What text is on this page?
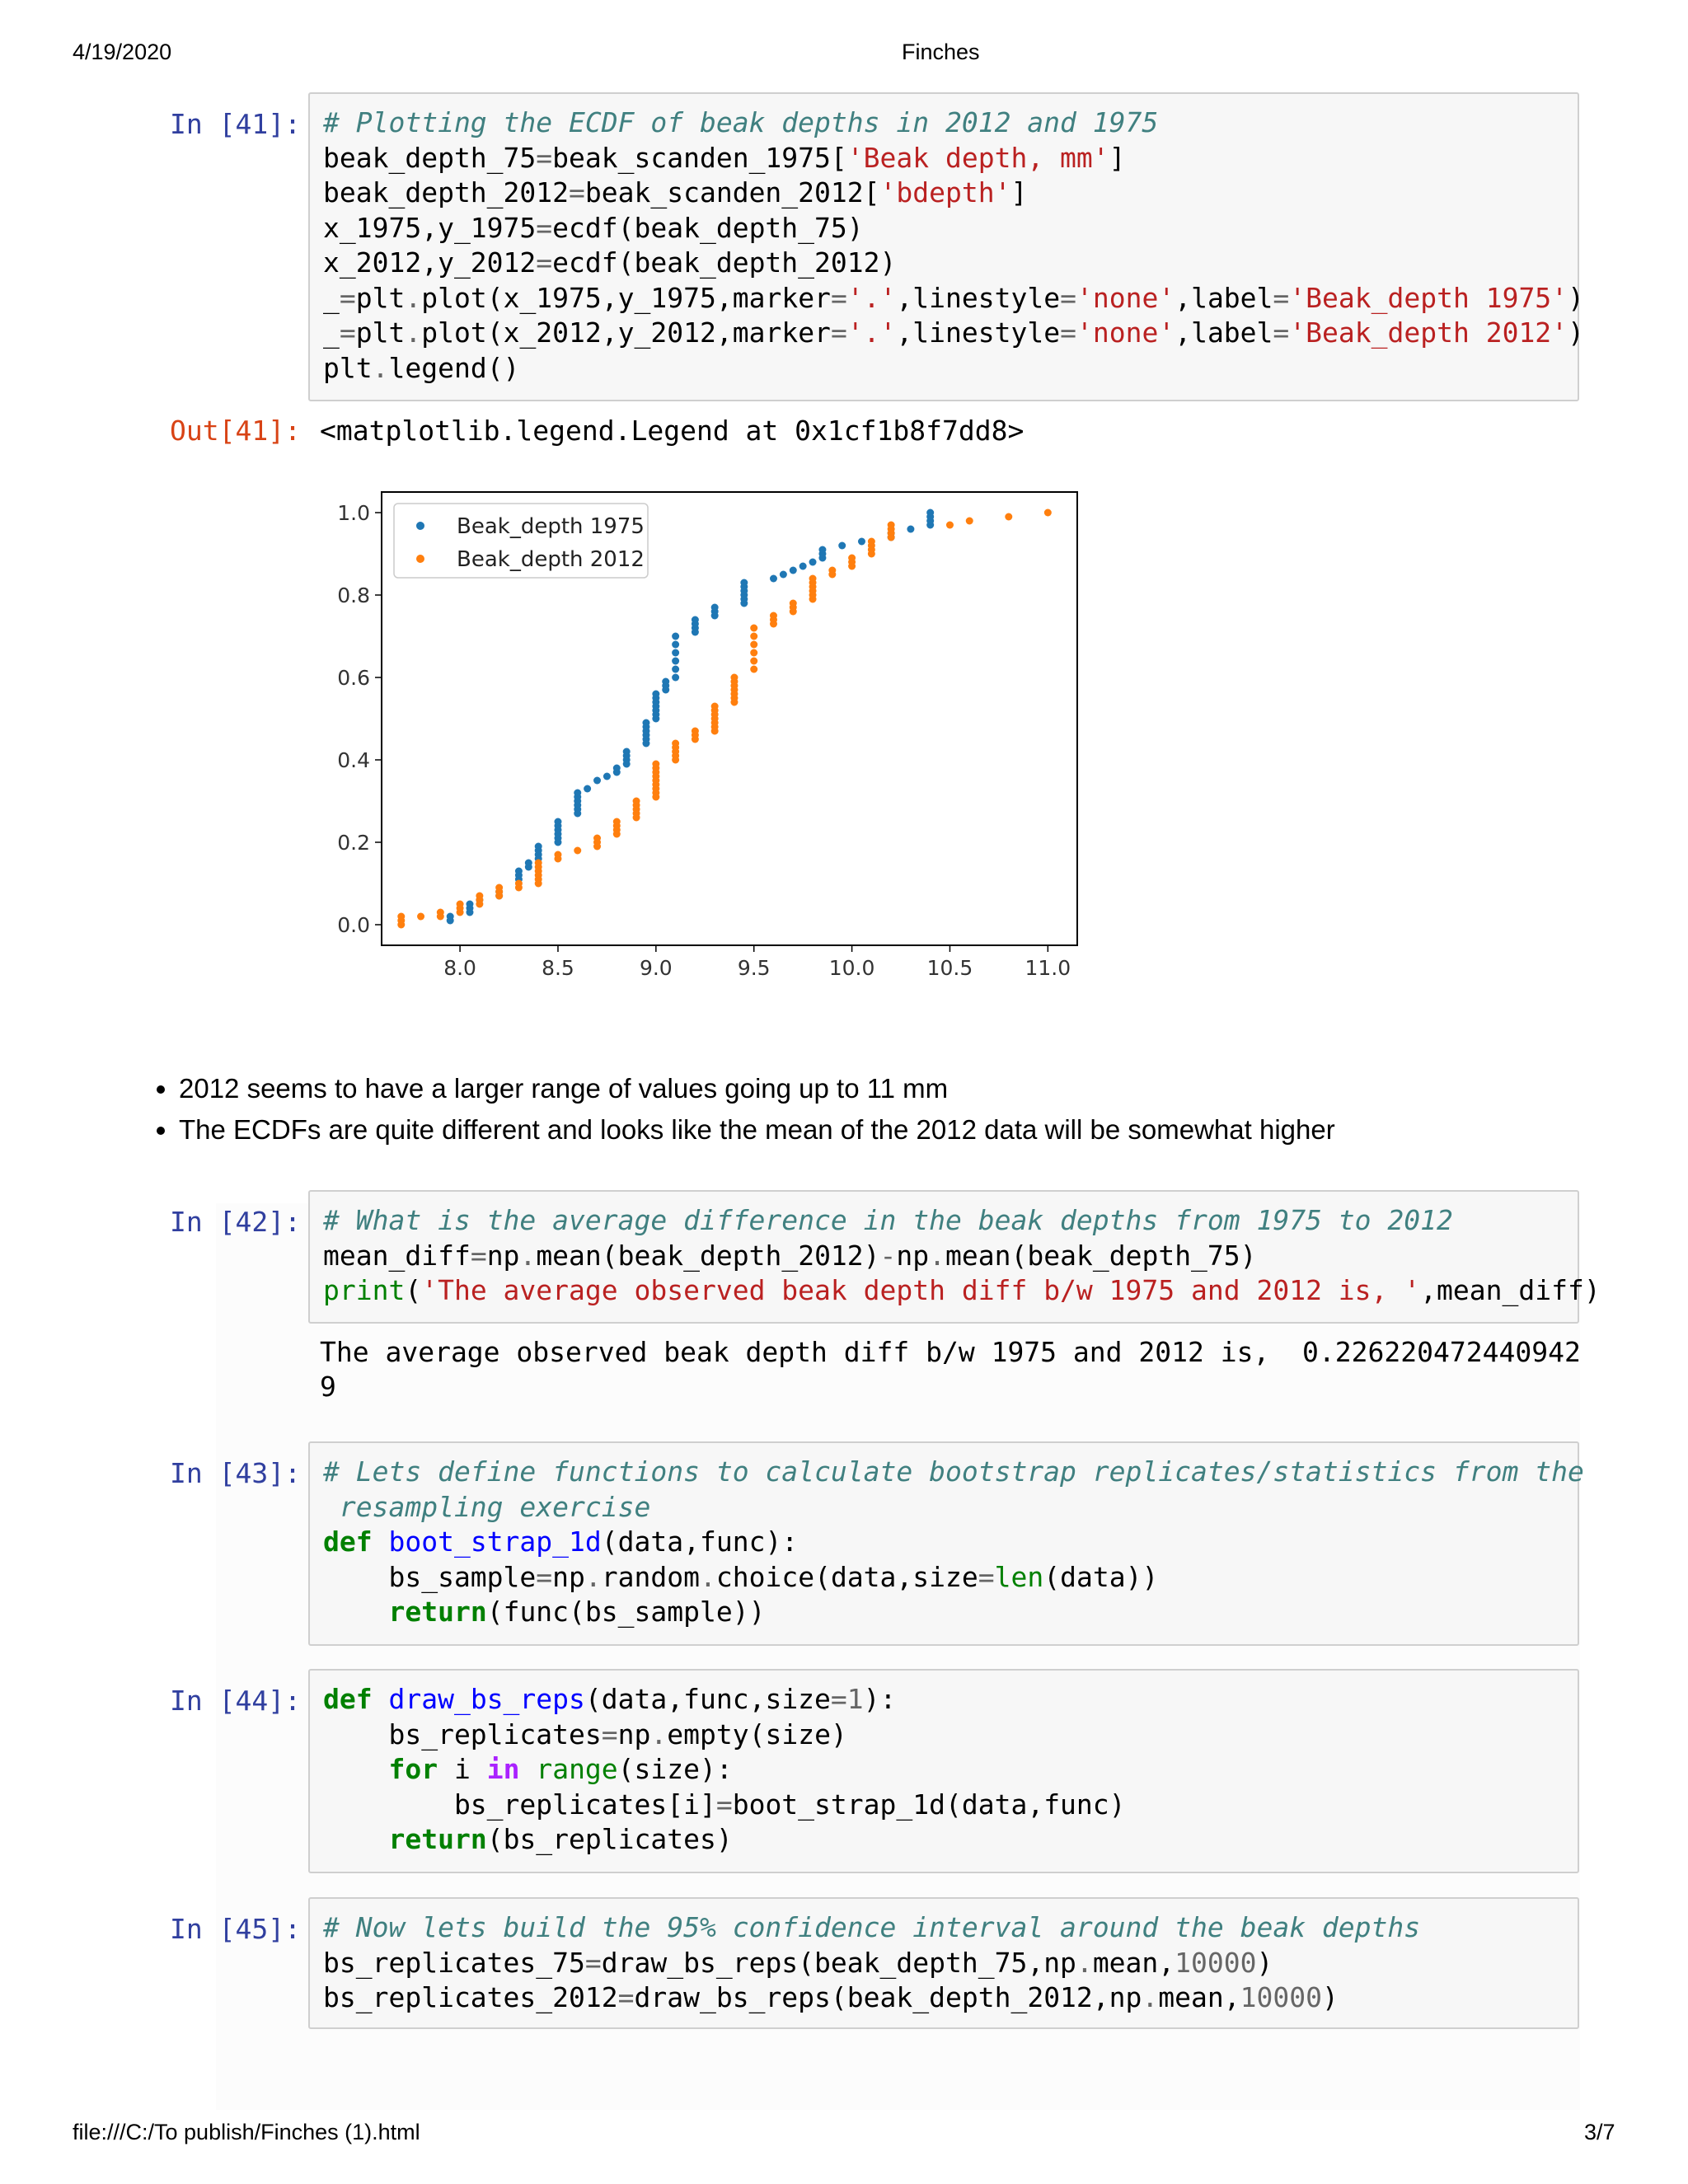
4/19/2020	Finches
In [41]: # Plotting the ECDF of beak depths in 2012 and 1975
beak_depth_75=beak_scanden_1975['Beak depth, mm']
beak_depth_2012=beak_scanden_2012['bdepth']
x_1975,y_1975=ecdf(beak_depth_75)
x_2012,y_2012=ecdf(beak_depth_2012)
_=plt.plot(x_1975,y_1975,marker='.',linestyle='none',label='Beak_depth 1975')
_=plt.plot(x_2012,y_2012,marker='.',linestyle='none',label='Beak_depth 2012')
plt.legend()
Out[41]: <matplotlib.legend.Legend at 0x1cf1b8f7dd8>
8.0	8.5	9.0	9.5	10.0	10.5	11.0
0.0
0.2
0.4
0.6
0.8
1.0
Beak_depth 1975
Beak_depth 2012
• 2012 seems to have a larger range of values going up to 11 mm
• The ECDFs are quite different and looks like the mean of the 2012 data will be somewhat higher
In [42]: # What is the average difference in the beak depths from 1975 to 2012
mean_diff=np.mean(beak_depth_2012)-np.mean(beak_depth_75)
print('The average observed beak depth diff b/w 1975 and 2012 is, ',mean_diff)
The average observed beak depth diff b/w 1975 and 2012 is,  0.226220472440942
9
In [43]: # Lets define functions to calculate bootstrap replicates/statistics from the
resampling exercise
def boot_strap_1d(data,func):
bs_sample=np.random.choice(data,size=len(data))
return(func(bs_sample))
In [44]: def draw_bs_reps(data,func,size=1):
bs_replicates=np.empty(size)
for i in range(size):
bs_replicates[i]=boot_strap_1d(data,func)
return(bs_replicates)
In [45]: # Now lets build the 95% confidence interval around the beak depths
bs_replicates_75=draw_bs_reps(beak_depth_75,np.mean,10000)
bs_replicates_2012=draw_bs_reps(beak_depth_2012,np.mean,10000)
file:///C:/To publish/Finches (1).html	3/7
